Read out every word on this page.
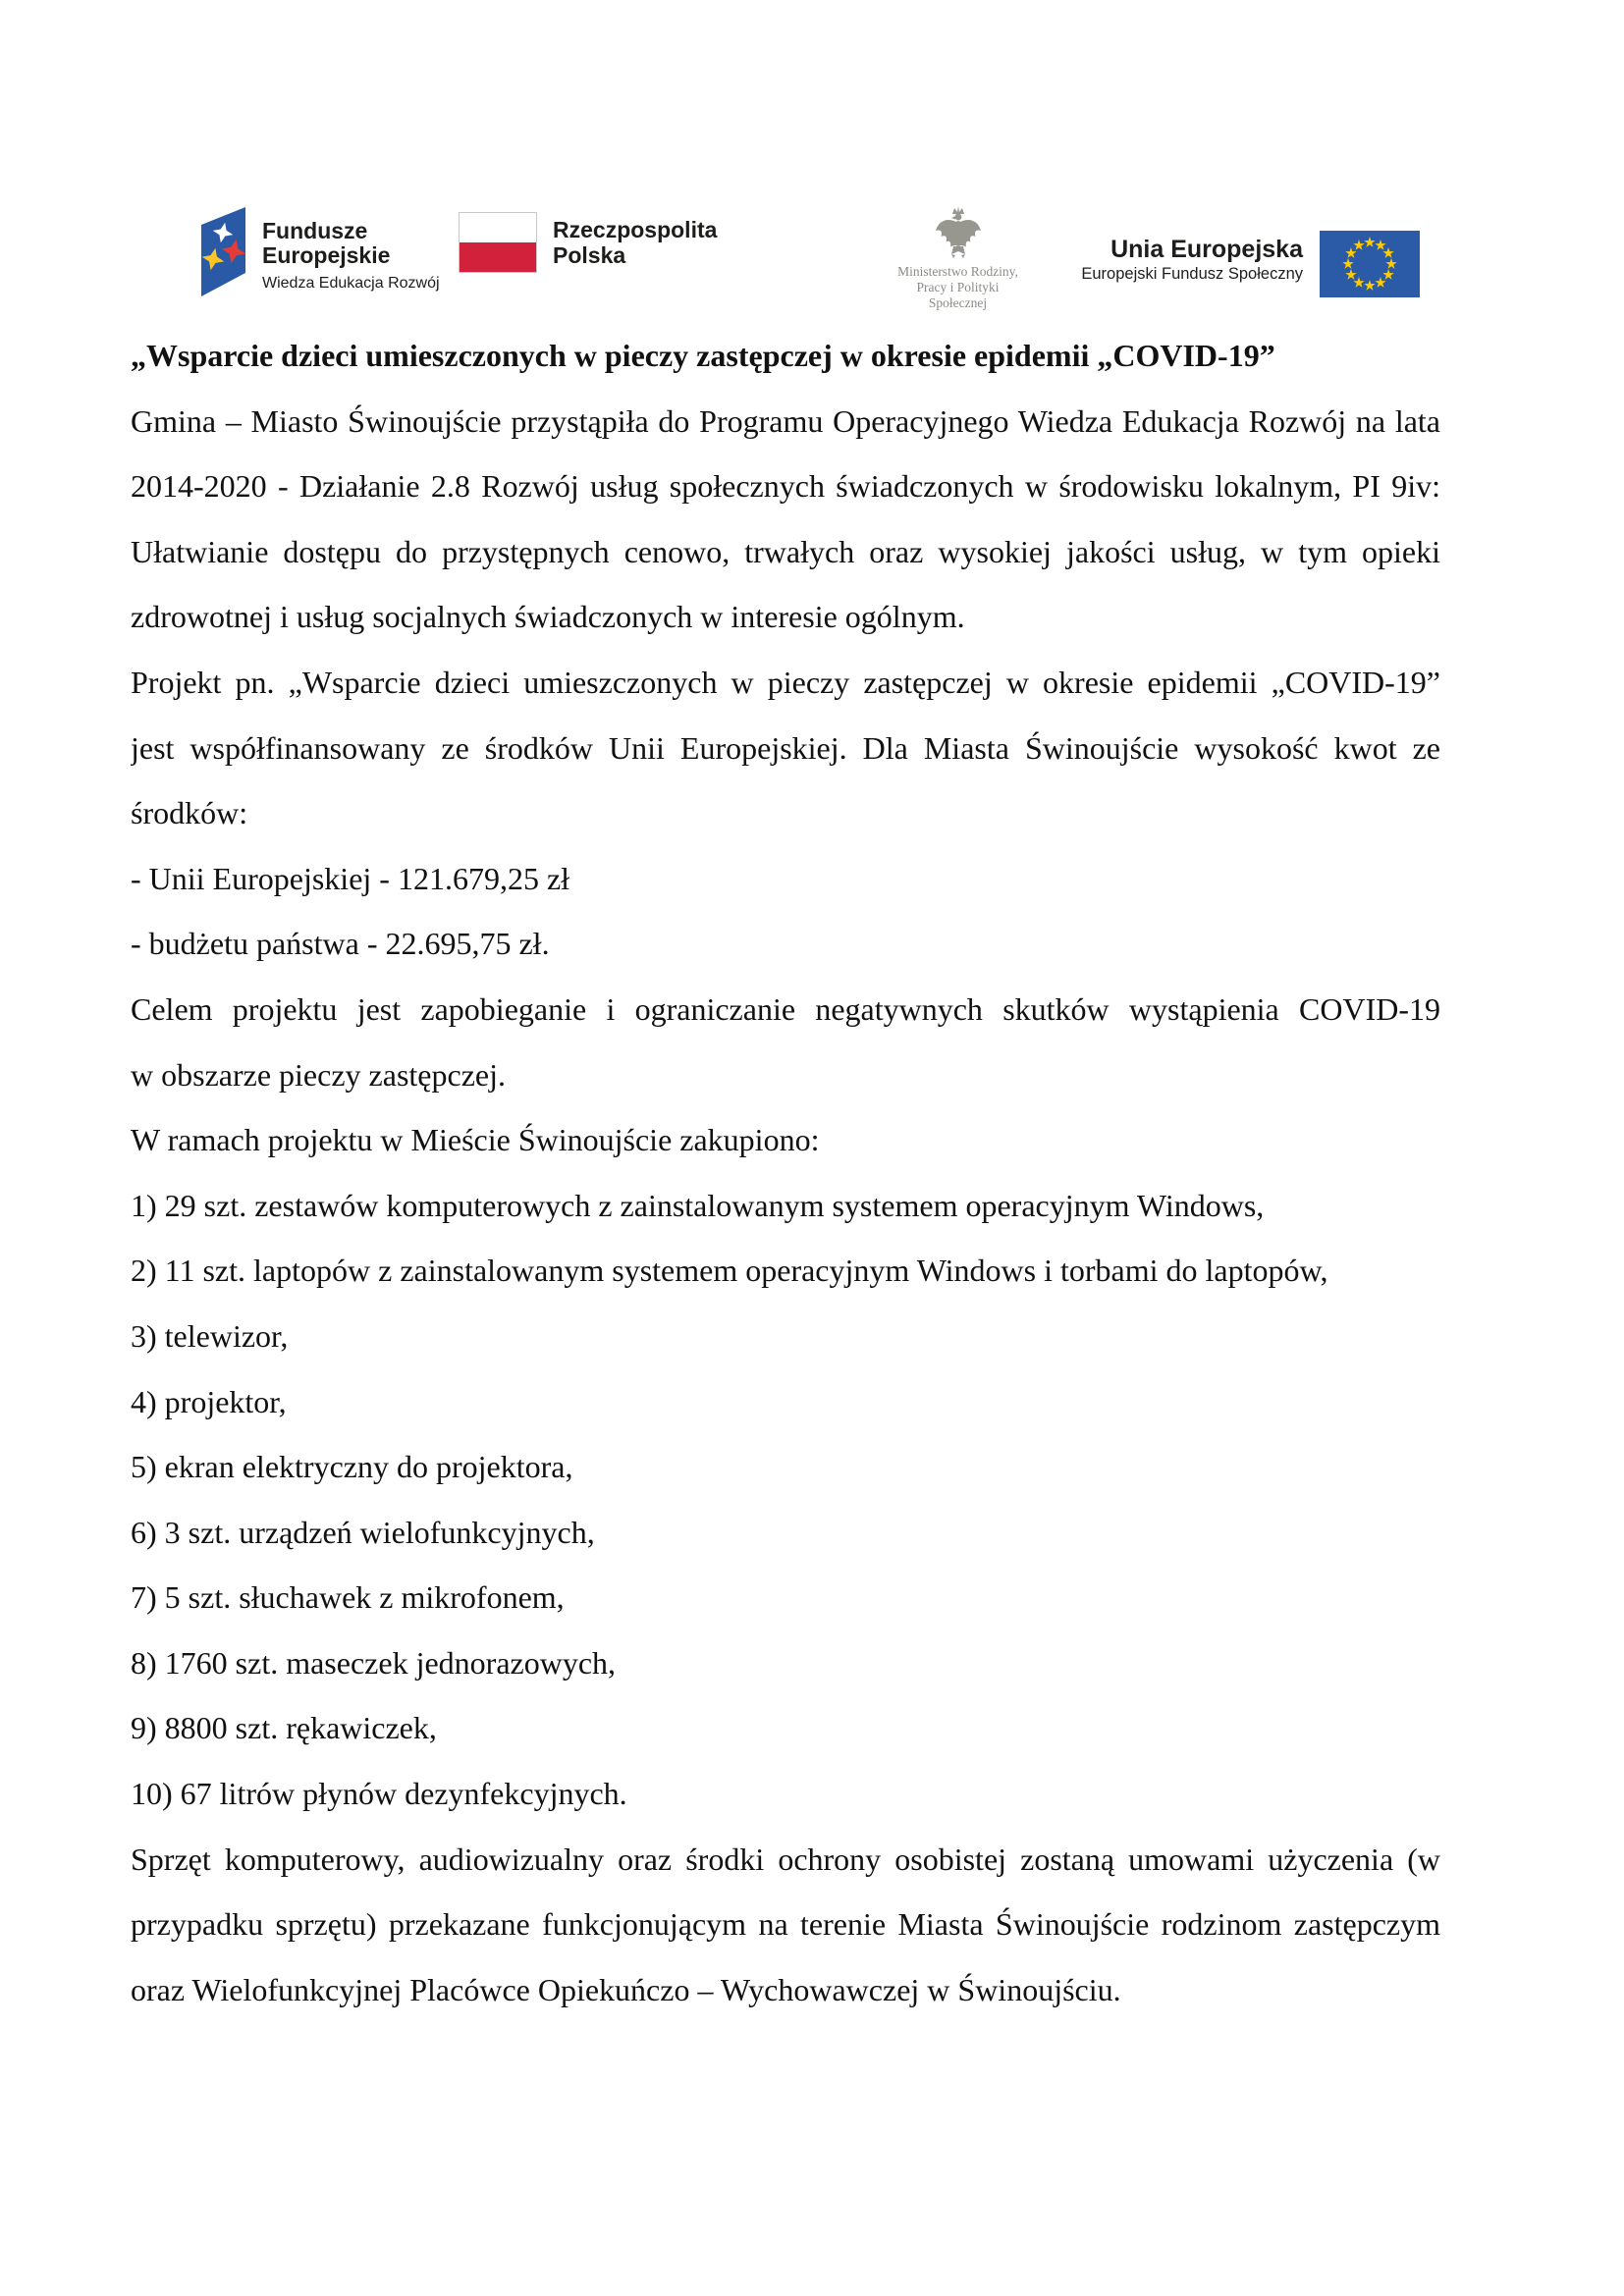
Fundusze
Europejskie
Wiedza Edukacja Rozwój
Rzeczpospolita
Polska
Ministerstwo Rodziny,
Pracy i Polityki Społecznej
Unia Europejska
Europejski Fundusz Społeczny
„Wsparcie dzieci umieszczonych w pieczy zastępczej w okresie epidemii „COVID-19”
Gmina – Miasto Świnoujście przystąpiła do Programu Operacyjnego Wiedza Edukacja Rozwój na lata
2014-2020 - Działanie 2.8 Rozwój usług społecznych świadczonych w środowisku lokalnym, PI 9iv:
Ułatwianie dostępu do przystępnych cenowo, trwałych oraz wysokiej jakości usług, w tym opieki
zdrowotnej i usług socjalnych świadczonych w interesie ogólnym.
Projekt pn. „Wsparcie dzieci umieszczonych w pieczy zastępczej w okresie epidemii „COVID-19”
jest współfinansowany ze środków Unii Europejskiej. Dla Miasta Świnoujście wysokość kwot ze
środków:
- Unii Europejskiej - 121.679,25 zł
- budżetu państwa - 22.695,75 zł.
Celem projektu jest zapobieganie i ograniczanie negatywnych skutków wystąpienia COVID-19
w obszarze pieczy zastępczej.
W ramach projektu w Mieście Świnoujście zakupiono:
1) 29 szt. zestawów komputerowych z zainstalowanym systemem operacyjnym Windows,
2) 11 szt. laptopów z zainstalowanym systemem operacyjnym Windows i torbami do laptopów,
3) telewizor,
4) projektor,
5) ekran elektryczny do projektora,
6) 3 szt. urządzeń wielofunkcyjnych,
7) 5 szt. słuchawek z mikrofonem,
8) 1760 szt. maseczek jednorazowych,
9) 8800 szt. rękawiczek,
10) 67 litrów płynów dezynfekcyjnych.
Sprzęt komputerowy, audiowizualny oraz środki ochrony osobistej zostaną umowami użyczenia (w
przypadku sprzętu) przekazane funkcjonującym na terenie Miasta Świnoujście rodzinom zastępczym
oraz Wielofunkcyjnej Placówce Opiekuńczo – Wychowawczej w Świnoujściu.
